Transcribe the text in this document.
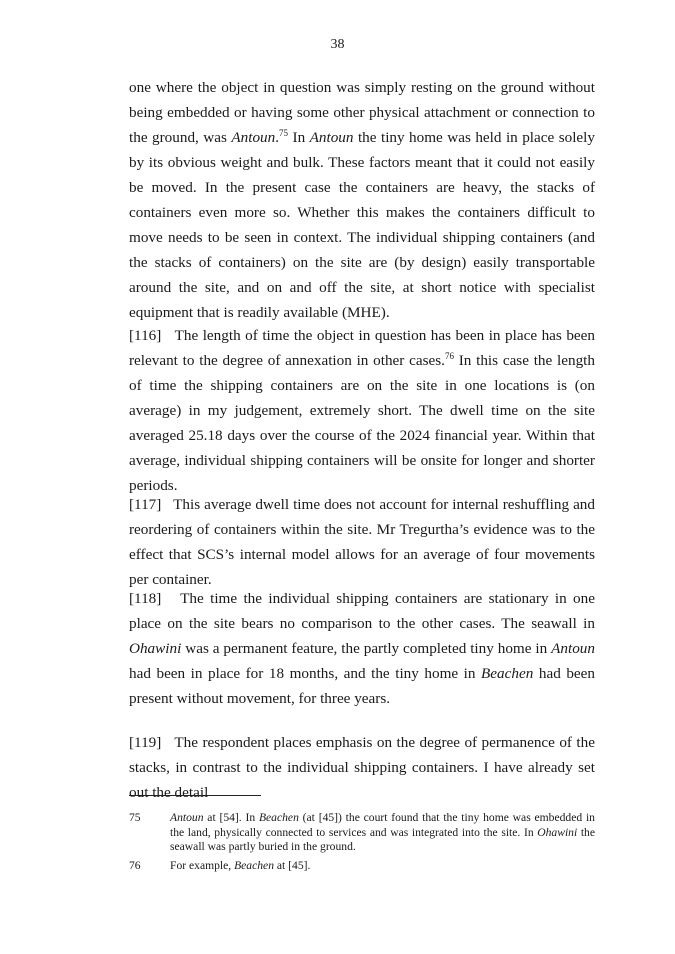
38

one where the object in question was simply resting on the ground without being embedded or having some other physical attachment or connection to the ground, was Antoun.$^{75}$ In Antoun the tiny home was held in place solely by its obvious weight and bulk. These factors meant that it could not easily be moved. In the present case the containers are heavy, the stacks of containers even more so. Whether this makes the containers difficult to move needs to be seen in context. The individual shipping containers (and the stacks of containers) on the site are (by design) easily transportable around the site, and on and off the site, at short notice with specialist equipment that is readily available (MHE).

[116] The length of time the object in question has been in place has been relevant to the degree of annexation in other cases.$^{76}$ In this case the length of time the shipping containers are on the site in one locations is (on average) in my judgement, extremely short. The dwell time on the site averaged 25.18 days over the course of the 2024 financial year. Within that average, individual shipping containers will be onsite for longer and shorter periods.

[117] This average dwell time does not account for internal reshuffling and reordering of containers within the site. Mr Tregurtha’s evidence was to the effect that SCS’s internal model allows for an average of four movements per container.

[118] The time the individual shipping containers are stationary in one place on the site bears no comparison to the other cases. The seawall in Ohawini was a permanent feature, the partly completed tiny home in Antoun had been in place for 18 months, and the tiny home in Beachen had been present without movement, for three years.

[119] The respondent places emphasis on the degree of permanence of the stacks, in contrast to the individual shipping containers. I have already set out the detail

75	Antoun at [54]. In Beachen (at [45]) the court found that the tiny home was embedded in the land, physically connected to services and was integrated into the site. In Ohawini the seawall was partly buried in the ground.
76	For example, Beachen at [45].
